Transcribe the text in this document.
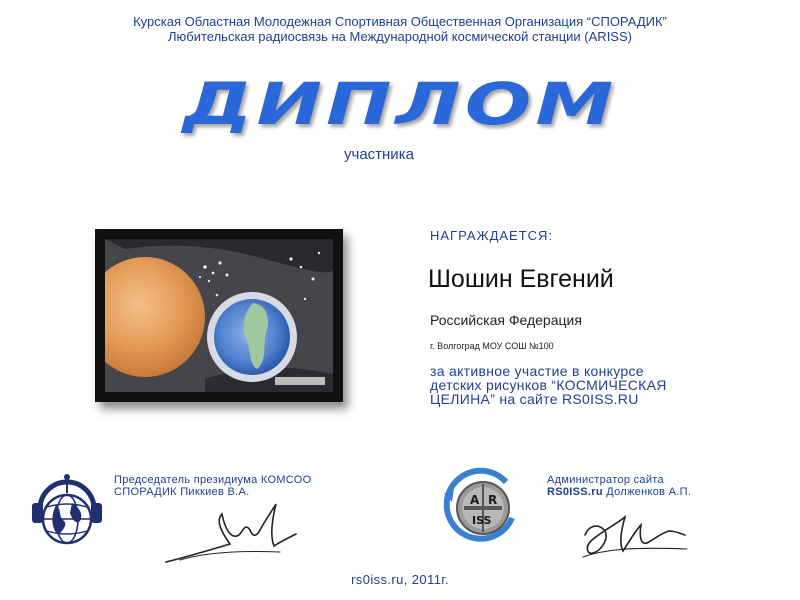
Курская Областная Молодежная Спортивная Общественная Организация “СПОРАДИК”
Любительская радиосвязь на Международной космической станции (ARISS)
ДИПЛОМ
участника
НАГРАЖДАЕТСЯ:
Шошин Евгений
Российская Федерация
г. Волгоград МОУ СОШ №100
за активное участие в конкурсе
детских рисунков “КОСМИЧЕСКАЯ
ЦЕЛИНА” на сайте RS0ISS.RU
Председатель президиума КОМСОО
СПОРАДИК Пиккиев В.А.
A R
ISS
Администратор сайта
RS0ISS.ru Долженков А.П.
rs0iss.ru, 2011г.
